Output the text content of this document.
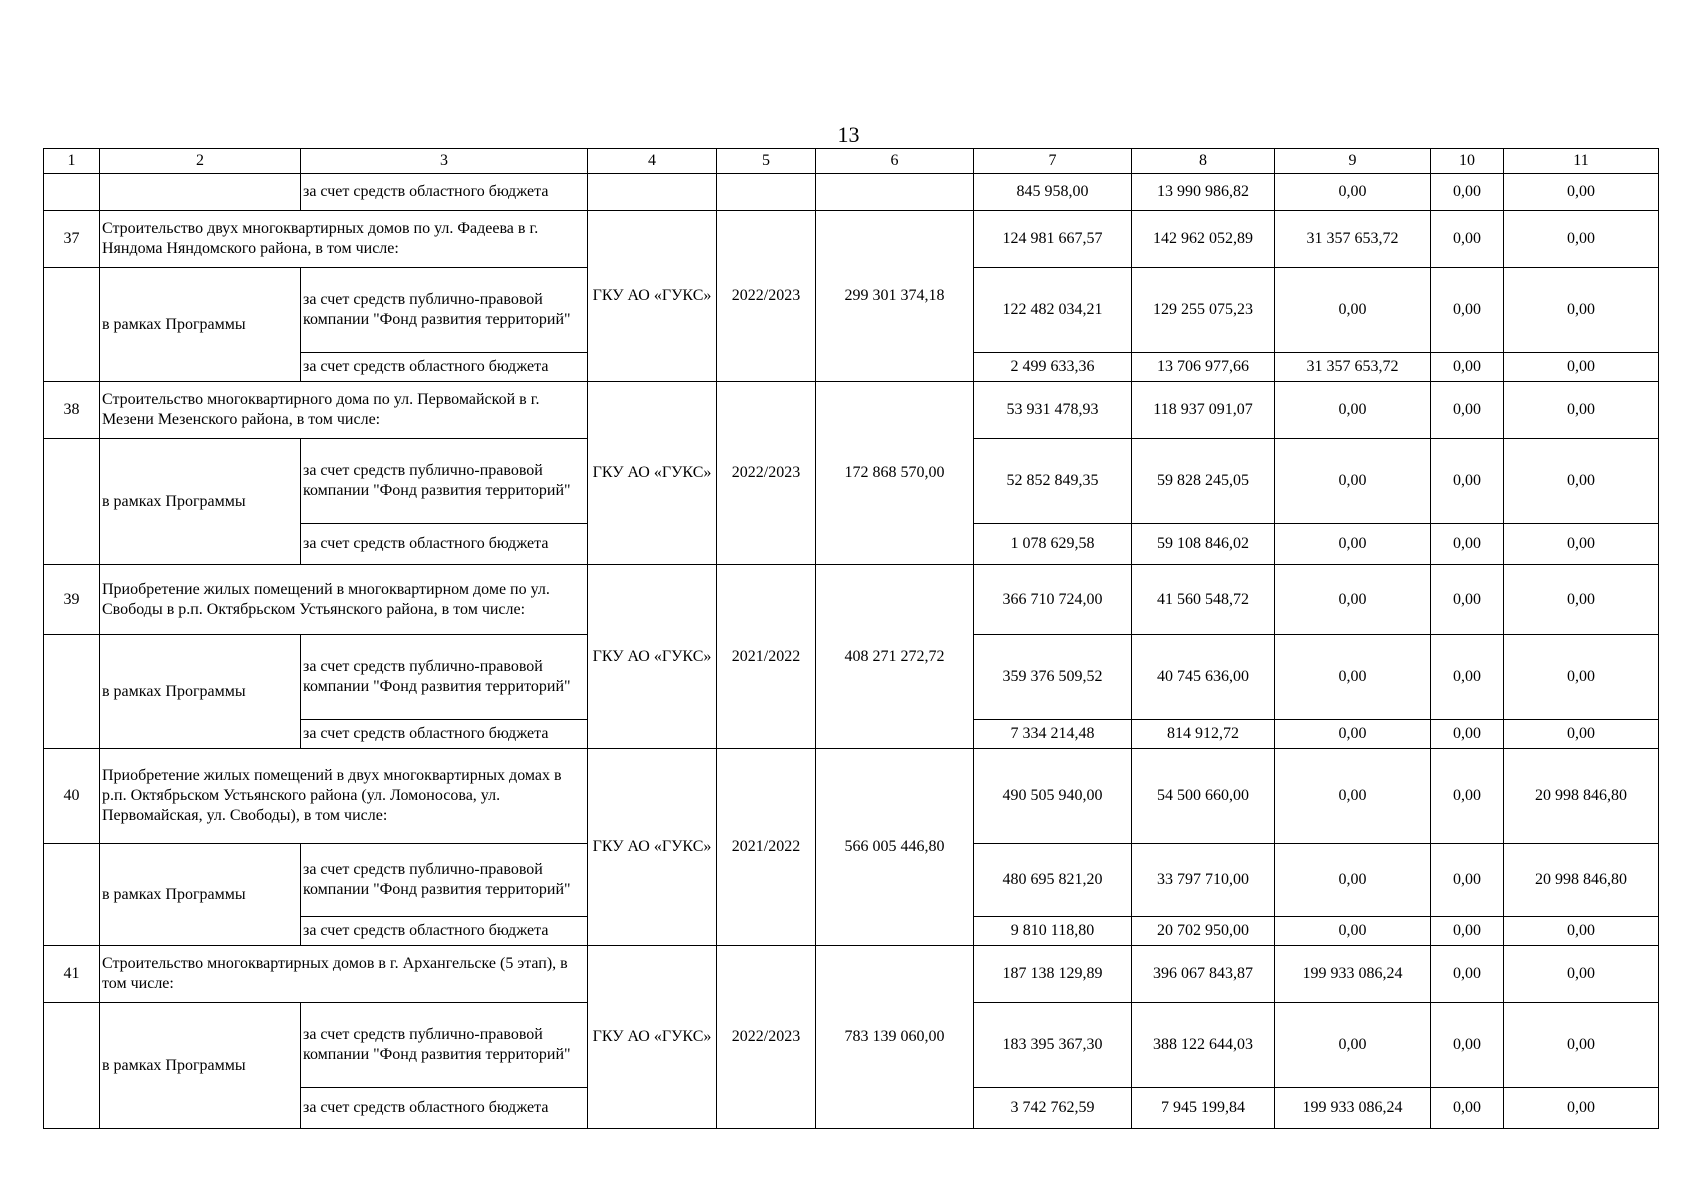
13
1	2	3	4	5	6	7	8	9	10	11
		за счет средств областного бюджета				845 958,00	13 990 986,82	0,00	0,00	0,00
37	Строительство двух многоквартирных домов по ул. Фадеева в г. Няндома Няндомского района, в том числе:		ГКУ АО «ГУКС»	2022/2023	299 301 374,18	124 981 667,57	142 962 052,89	31 357 653,72	0,00	0,00
	в рамках Программы	за счет средств публично-правовой компании "Фонд развития территорий"				122 482 034,21	129 255 075,23	0,00	0,00	0,00
		за счет средств областного бюджета				2 499 633,36	13 706 977,66	31 357 653,72	0,00	0,00
38	Строительство многоквартирного дома по ул. Первомайской в г. Мезени Мезенского района, в том числе:		ГКУ АО «ГУКС»	2022/2023	172 868 570,00	53 931 478,93	118 937 091,07	0,00	0,00	0,00
	в рамках Программы	за счет средств публично-правовой компании "Фонд развития территорий"				52 852 849,35	59 828 245,05	0,00	0,00	0,00
		за счет средств областного бюджета				1 078 629,58	59 108 846,02	0,00	0,00	0,00
39	Приобретение жилых помещений в многоквартирном доме по ул. Свободы в р.п. Октябрьском Устьянского района, в том числе:		ГКУ АО «ГУКС»	2021/2022	408 271 272,72	366 710 724,00	41 560 548,72	0,00	0,00	0,00
	в рамках Программы	за счет средств публично-правовой компании "Фонд развития территорий"				359 376 509,52	40 745 636,00	0,00	0,00	0,00
		за счет средств областного бюджета				7 334 214,48	814 912,72	0,00	0,00	0,00
40	Приобретение жилых помещений в двух многоквартирных домах в р.п. Октябрьском Устьянского района (ул. Ломоносова, ул. Первомайская, ул. Свободы), в том числе:		ГКУ АО «ГУКС»	2021/2022	566 005 446,80	490 505 940,00	54 500 660,00	0,00	0,00	20 998 846,80
	в рамках Программы	за счет средств публично-правовой компании "Фонд развития территорий"				480 695 821,20	33 797 710,00	0,00	0,00	20 998 846,80
		за счет средств областного бюджета				9 810 118,80	20 702 950,00	0,00	0,00	0,00
41	Строительство многоквартирных домов в г. Архангельске (5 этап), в том числе:		ГКУ АО «ГУКС»	2022/2023	783 139 060,00	187 138 129,89	396 067 843,87	199 933 086,24	0,00	0,00
	в рамках Программы	за счет средств публично-правовой компании "Фонд развития территорий"				183 395 367,30	388 122 644,03	0,00	0,00	0,00
		за счет средств областного бюджета				3 742 762,59	7 945 199,84	199 933 086,24	0,00	0,00
